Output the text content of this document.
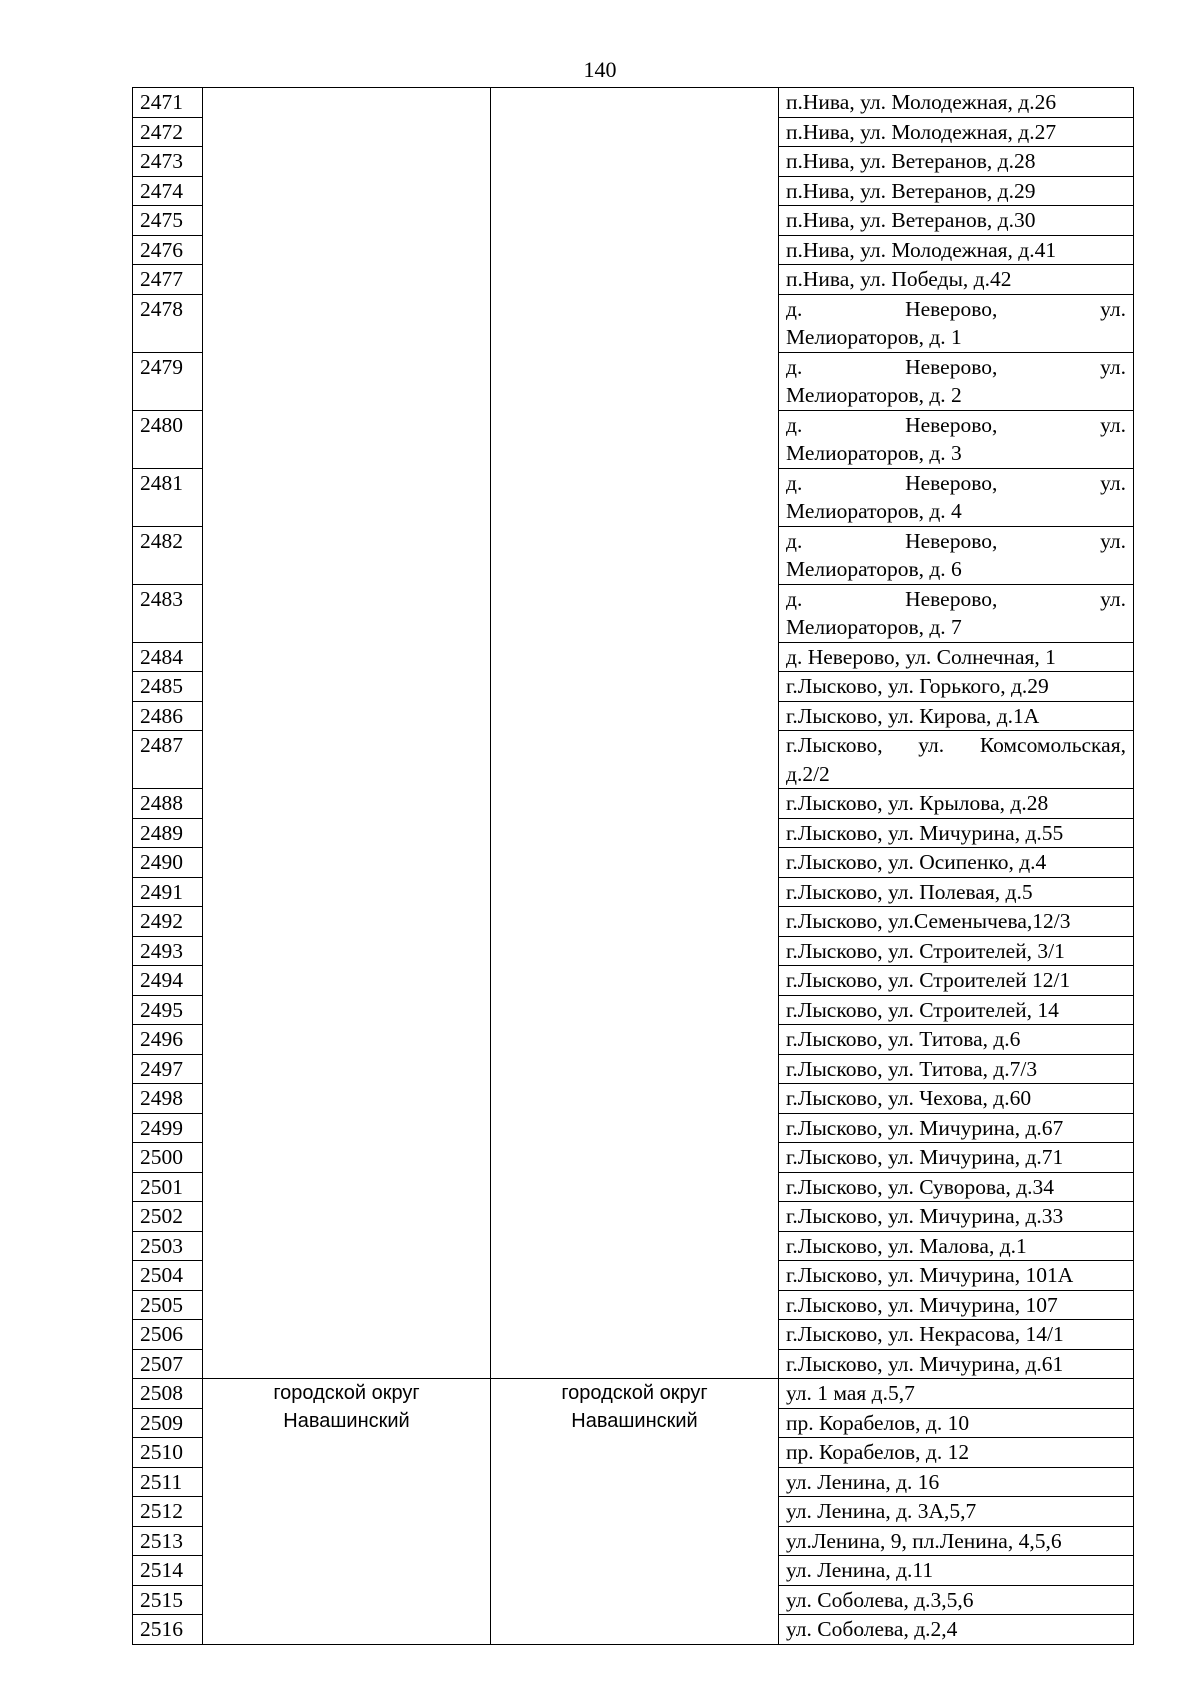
140
2471			п.Нива, ул. Молодежная, д.26
2472			п.Нива, ул. Молодежная, д.27
2473			п.Нива, ул. Ветеранов, д.28
2474			п.Нива, ул. Ветеранов, д.29
2475			п.Нива, ул. Ветеранов, д.30
2476			п.Нива, ул. Молодежная, д.41
2477			п.Нива, ул. Победы, д.42
2478			д. Неверово, ул.
Мелиораторов, д. 1

2479			д. Неверово, ул.
Мелиораторов, д. 2

2480			д. Неверово, ул.
Мелиораторов, д. 3

2481			д. Неверово, ул.
Мелиораторов, д. 4

2482			д. Неверово, ул.
Мелиораторов, д. 6

2483			д. Неверово, ул.
Мелиораторов, д. 7

2484			д. Неверово, ул. Солнечная, 1
2485			г.Лысково, ул. Горького, д.29
2486			г.Лысково, ул. Кирова, д.1А
2487			г.Лысково, ул. Комсомольская,
д.2/2

2488			г.Лысково, ул. Крылова, д.28
2489			г.Лысково, ул. Мичурина, д.55
2490			г.Лысково, ул. Осипенко, д.4
2491			г.Лысково, ул. Полевая, д.5
2492			г.Лысково, ул.Семенычева,12/3
2493			г.Лысково, ул. Строителей, 3/1
2494			г.Лысково, ул. Строителей 12/1
2495			г.Лысково, ул. Строителей, 14
2496			г.Лысково, ул. Титова, д.6
2497			г.Лысково, ул. Титова, д.7/3
2498			г.Лысково, ул. Чехова, д.60
2499			г.Лысково, ул. Мичурина, д.67
2500			г.Лысково, ул. Мичурина, д.71
2501			г.Лысково, ул. Суворова, д.34
2502			г.Лысково, ул. Мичурина, д.33
2503			г.Лысково, ул. Малова, д.1
2504			г.Лысково, ул. Мичурина, 101А
2505			г.Лысково, ул. Мичурина, 107
2506			г.Лысково, ул. Некрасова, 14/1
2507			г.Лысково, ул. Мичурина, д.61
2508	городской округ Навашинский	городской округ Навашинский	ул. 1 мая д.5,7
2509			пр. Корабелов, д. 10
2510			пр. Корабелов, д. 12
2511			ул. Ленина, д. 16
2512			ул. Ленина, д. 3А,5,7
2513			ул.Ленина, 9, пл.Ленина, 4,5,6
2514			ул. Ленина, д.11
2515			ул. Соболева, д.3,5,6
2516			ул. Соболева, д.2,4
